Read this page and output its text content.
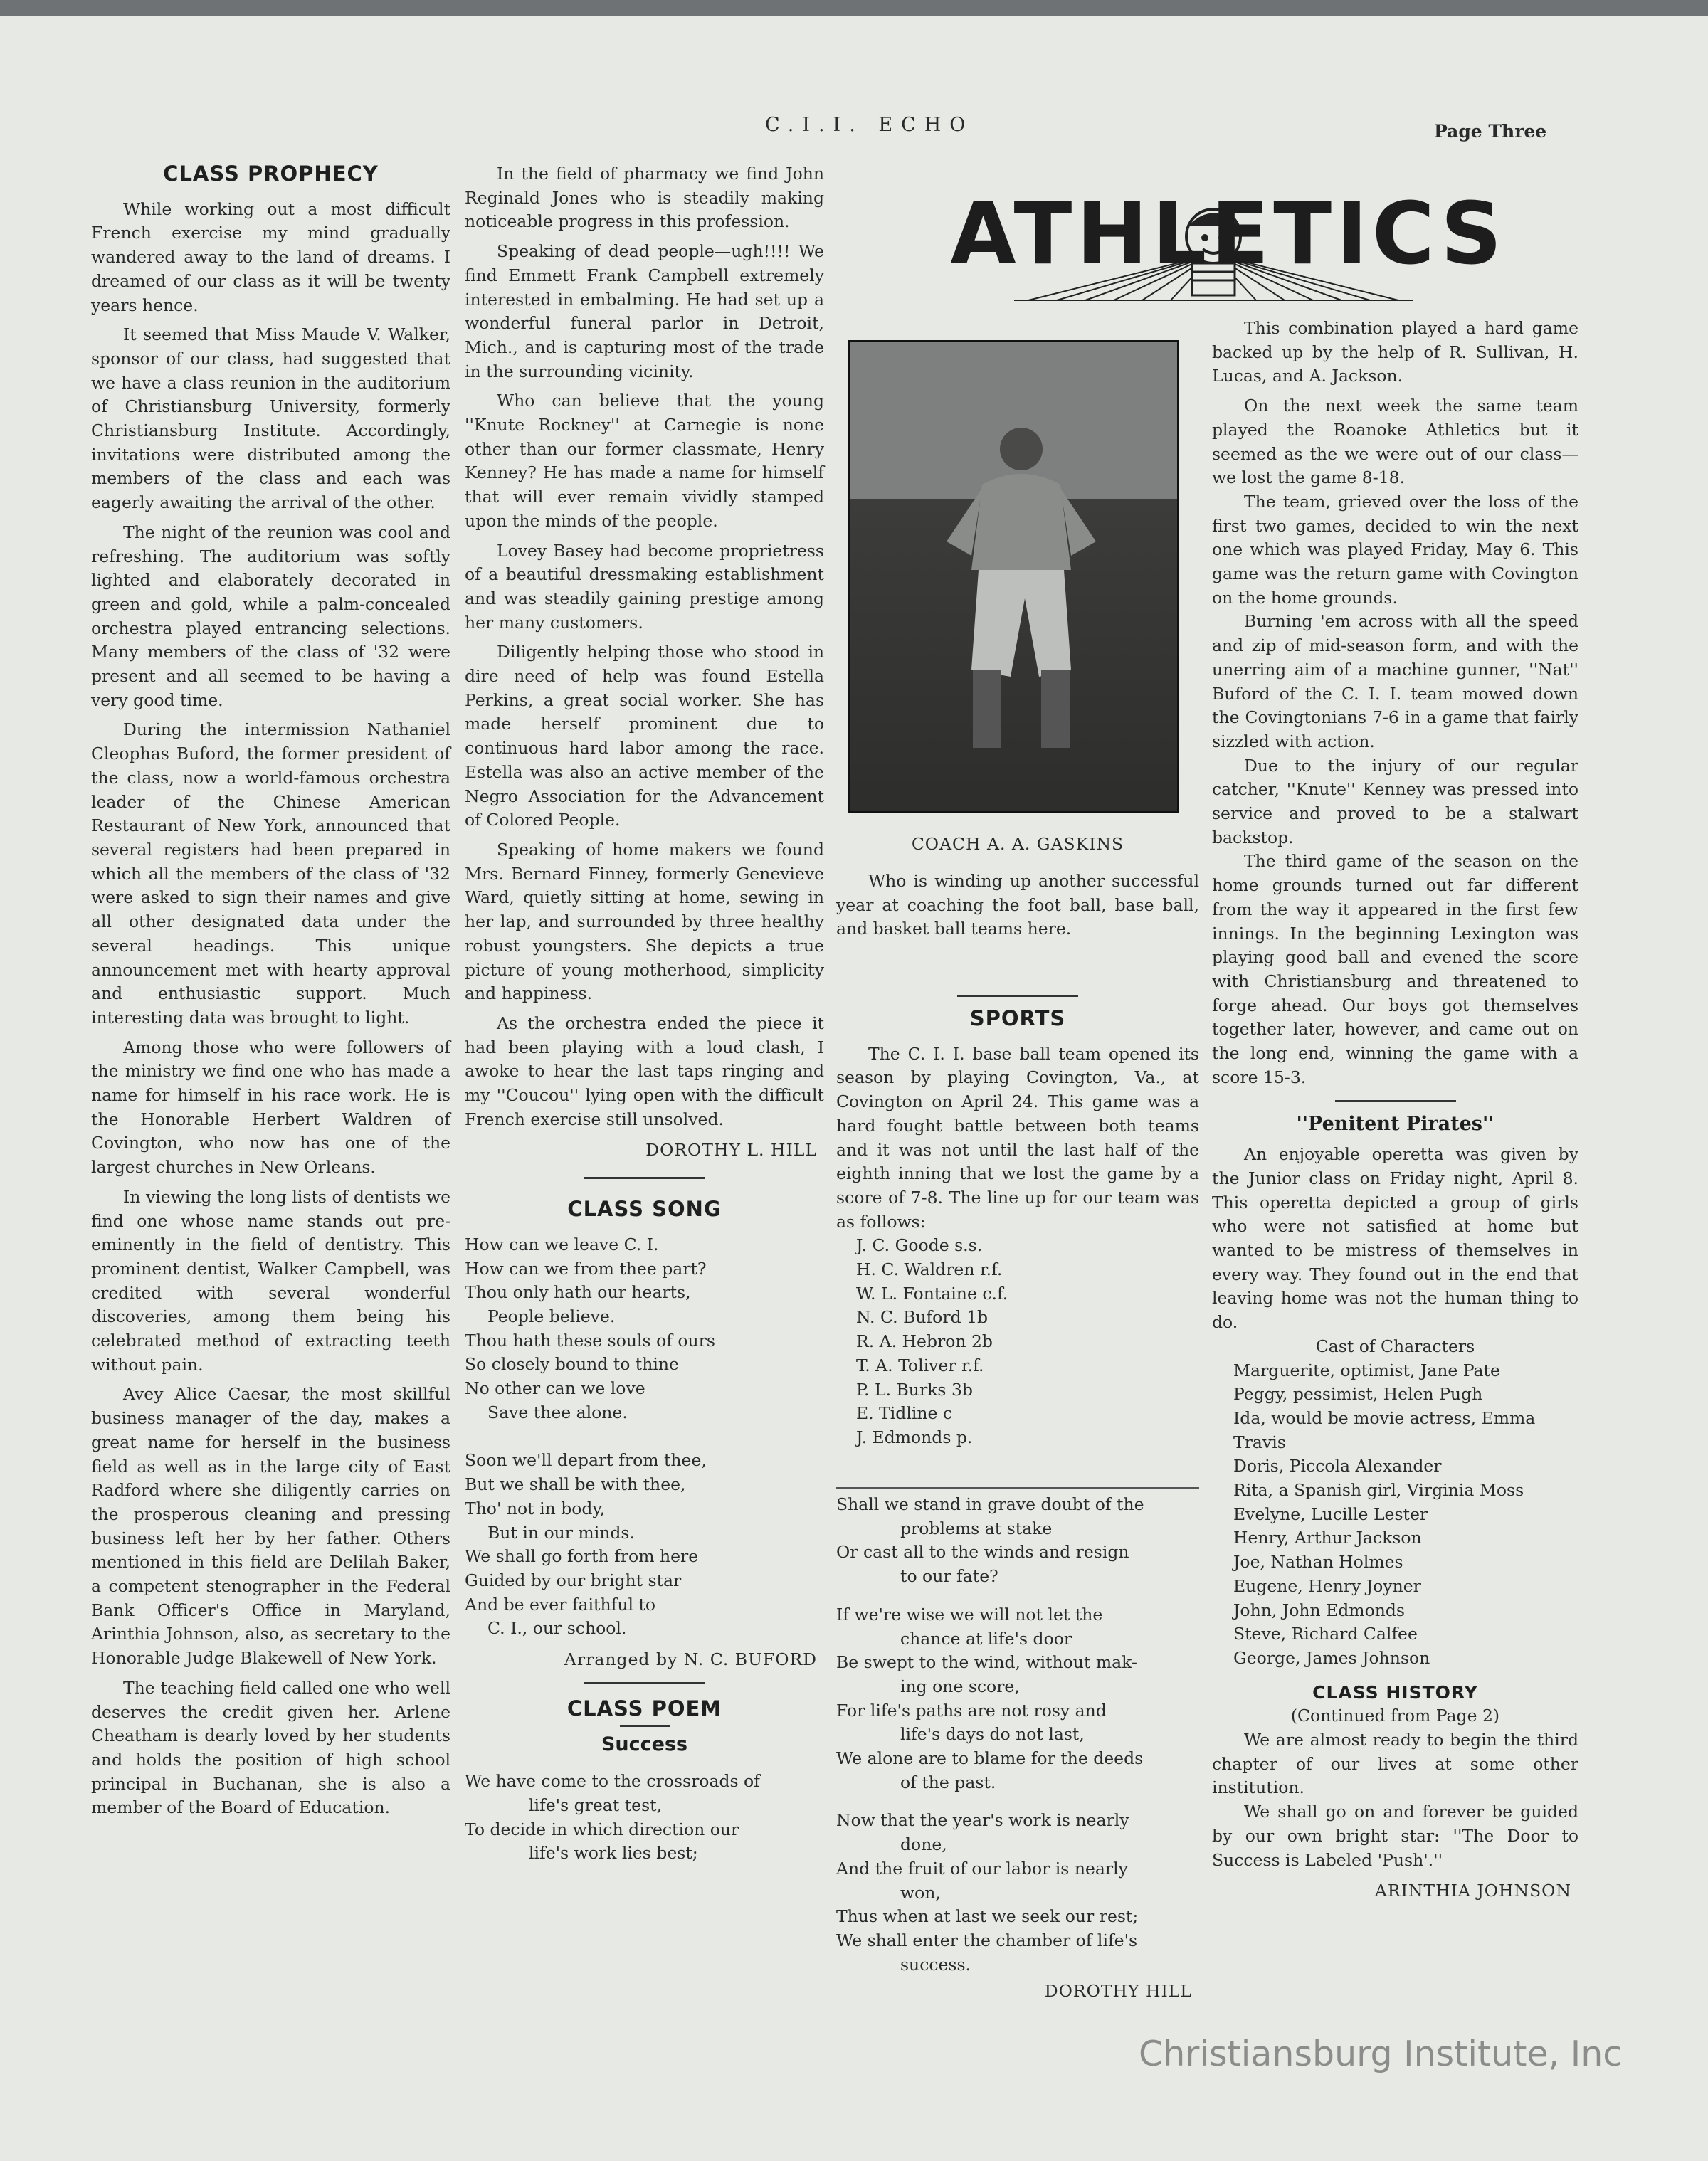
C.I.I. ECHO	Page Three
ATHLETICS
CLASS PROPHECY

While working out a most difficult French exercise my mind gradually wandered away to the land of dreams. I dreamed of our class as it will be twenty years hence.

It seemed that Miss Maude V. Walker, sponsor of our class, had suggested that we have a class reunion in the auditorium of Christiansburg University, formerly Christiansburg Institute. Accordingly, invitations were distributed among the members of the class and each was eagerly awaiting the arrival of the other.

The night of the reunion was cool and refreshing. The auditorium was softly lighted and elaborately decorated in green and gold, while a palm-concealed orchestra played entrancing selections. Many members of the class of '32 were present and all seemed to be having a very good time.

During the intermission Nathaniel Cleophas Buford, the former president of the class, now a world-famous orchestra leader of the Chinese American Restaurant of New York, announced that several registers had been prepared in which all the members of the class of '32 were asked to sign their names and give all other designated data under the several headings. This unique announcement met with hearty approval and enthusiastic support. Much interesting data was brought to light.

Among those who were followers of the ministry we find one who has made a name for himself in his race work. He is the Honorable Herbert Waldren of Covington, who now has one of the largest churches in New Orleans.

In viewing the long lists of dentists we find one whose name stands out pre-eminently in the field of dentistry. This prominent dentist, Walker Campbell, was credited with several wonderful discoveries, among them being his celebrated method of extracting teeth without pain.

Avey Alice Caesar, the most skillful business manager of the day, makes a great name for herself in the business field as well as in the large city of East Radford where she diligently carries on the prosperous cleaning and pressing business left her by her father. Others mentioned in this field are Delilah Baker, a competent stenographer in the Federal Bank Officer's Office in Maryland, Arinthia Johnson, also, as secretary to the Honorable Judge Blakewell of New York.

The teaching field called one who well deserves the credit given her. Arlene Cheatham is dearly loved by her students and holds the position of high school principal in Buchanan, she is also a member of the Board of Education.

In the field of pharmacy we find John Reginald Jones who is steadily making noticeable progress in this profession.

Speaking of dead people—ugh!!!! We find Emmett Frank Campbell extremely interested in embalming. He had set up a wonderful funeral parlor in Detroit, Mich., and is capturing most of the trade in the surrounding vicinity.

Who can believe that the young ''Knute Rockney'' at Carnegie is none other than our former classmate, Henry Kenney? He has made a name for himself that will ever remain vividly stamped upon the minds of the people.

Lovey Basey had become proprietress of a beautiful dressmaking establishment and was steadily gaining prestige among her many customers.

Diligently helping those who stood in dire need of help was found Estella Perkins, a great social worker. She has made herself prominent due to continuous hard labor among the race. Estella was also an active member of the Negro Association for the Advancement of Colored People.

Speaking of home makers we found Mrs. Bernard Finney, formerly Genevieve Ward, quietly sitting at home, sewing in her lap, and surrounded by three healthy robust youngsters. She depicts a true picture of young motherhood, simplicity and happiness.

As the orchestra ended the piece it had been playing with a loud clash, I awoke to hear the last taps ringing and my ''Coucou'' lying open with the difficult French exercise still unsolved.

DOROTHY L. HILL
CLASS SONG
How can we leave C. I.
How can we from thee part?
Thou only hath our hearts,
People believe.
Thou hath these souls of ours
So closely bound to thine
No other can we love
Save thee alone.
Soon we'll depart from thee,
But we shall be with thee,
Tho' not in body,
But in our minds.
We shall go forth from here
Guided by our bright star
And be ever faithful to
C. I., our school.
Arranged by N. C. BUFORD
CLASS POEM
Success
We have come to the crossroads of
life's great test,
To decide in which direction our
life's work lies best;
COACH A. A. GASKINS

Who is winding up another successful year at coaching the foot ball, base ball, and basket ball teams here.

SPORTS

The C. I. I. base ball team opened its season by playing Covington, Va., at Covington on April 24. This game was a hard fought battle between both teams and it was not until the last half of the eighth inning that we lost the game by a score of 7-8. The line up for our team was as follows:

J. C. Goode s.s.
H. C. Waldren r.f.
W. L. Fontaine c.f.
N. C. Buford 1b
R. A. Hebron 2b
T. A. Toliver r.f.
P. L. Burks 3b
E. Tidline c
J. Edmonds p.
Shall we stand in grave doubt of the
problems at stake
Or cast all to the winds and resign
to our fate?
If we're wise we will not let the
chance at life's door
Be swept to the wind, without mak-
ing one score,
For life's paths are not rosy and
life's days do not last,
We alone are to blame for the deeds
of the past.
Now that the year's work is nearly
done,
And the fruit of our labor is nearly
won,
Thus when at last we seek our rest;
We shall enter the chamber of life's
success.
DOROTHY HILL

This combination played a hard game backed up by the help of R. Sullivan, H. Lucas, and A. Jackson.

On the next week the same team played the Roanoke Athletics but it seemed as the we were out of our class—we lost the game 8-18.

The team, grieved over the loss of the first two games, decided to win the next one which was played Friday, May 6. This game was the return game with Covington on the home grounds.

Burning 'em across with all the speed and zip of mid-season form, and with the unerring aim of a machine gunner, ''Nat'' Buford of the C. I. I. team mowed down the Covingtonians 7-6 in a game that fairly sizzled with action.

Due to the injury of our regular catcher, ''Knute'' Kenney was pressed into service and proved to be a stalwart backstop.

The third game of the season on the home grounds turned out far different from the way it appeared in the first few innings. In the beginning Lexington was playing good ball and evened the score with Christiansburg and threatened to forge ahead. Our boys got themselves together later, however, and came out on the long end, winning the game with a score 15-3.

''Penitent Pirates''

An enjoyable operetta was given by the Junior class on Friday night, April 8. This operetta depicted a group of girls who were not satisfied at home but wanted to be mistress of themselves in every way. They found out in the end that leaving home was not the human thing to do.

Cast of Characters
Marguerite, optimist, Jane Pate
Peggy, pessimist, Helen Pugh
Ida, would be movie actress, Emma Travis
Doris, Piccola Alexander
Rita, a Spanish girl, Virginia Moss
Evelyne, Lucille Lester
Henry, Arthur Jackson
Joe, Nathan Holmes
Eugene, Henry Joyner
John, John Edmonds
Steve, Richard Calfee
George, James Johnson
CLASS HISTORY
(Continued from Page 2)

We are almost ready to begin the third chapter of our lives at some other institution.

We shall go on and forever be guided by our own bright star: ''The Door to Success is Labeled 'Push'.''

ARINTHIA JOHNSON
Christiansburg Institute, Inc
